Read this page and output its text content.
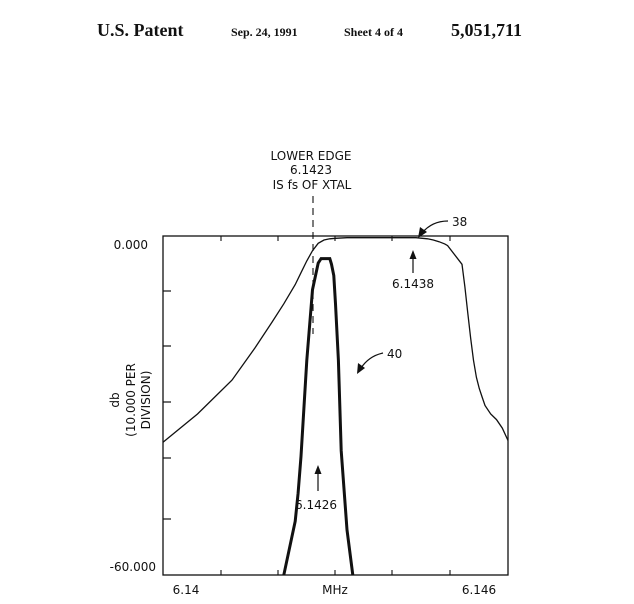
U.S. Patent	Sep. 24, 1991	Sheet 4 of 4	5,051,711
0.000
-60.000
6.14	MHz	6.146
db (10.000 PER DIVISION)
LOWER EDGE
6.1423
IS fs OF XTAL
38
40
6.1438
6.1426
